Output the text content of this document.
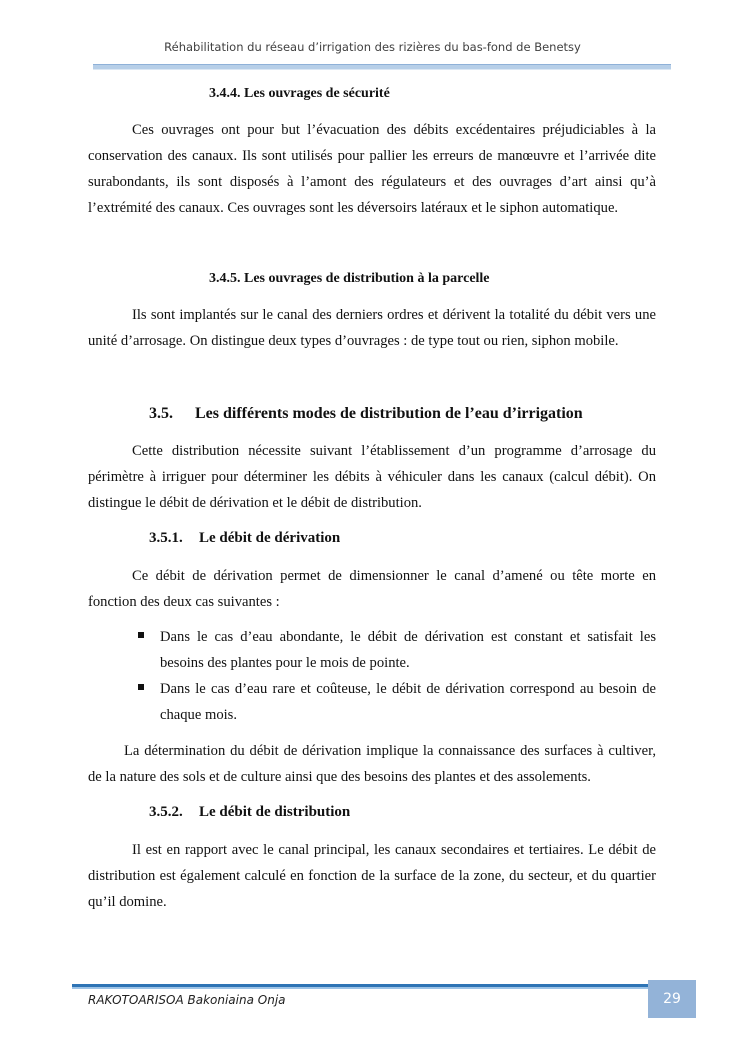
Réhabilitation du réseau d’irrigation des rizières du bas-fond de Benetsy
3.4.4. Les ouvrages de sécurité
Ces ouvrages ont pour but l’évacuation des débits excédentaires préjudiciables à la
conservation des canaux. Ils sont utilisés pour pallier les erreurs de manœuvre et l’arrivée dite
surabondants, ils sont disposés à l’amont des régulateurs et des ouvrages d’art ainsi qu’à
l’extrémité des canaux. Ces ouvrages sont les déversoirs latéraux et le siphon automatique.
3.4.5. Les ouvrages de distribution à la parcelle
Ils sont implantés sur le canal des derniers ordres et dérivent la totalité du débit vers une
unité d’arrosage. On distingue deux types d’ouvrages : de type tout ou rien, siphon mobile.
3.5. Les différents modes de distribution de l’eau d’irrigation
Cette distribution nécessite suivant l’établissement d’un programme d’arrosage du
périmètre à irriguer pour déterminer les débits à véhiculer dans les canaux (calcul débit). On
distingue le débit de dérivation et le débit de distribution.
3.5.1. Le débit de dérivation
Ce débit de dérivation permet de dimensionner le canal d’amené ou tête morte en
fonction des deux cas suivantes :
Dans le cas d’eau abondante, le débit de dérivation est constant et satisfait les
besoins des plantes pour le mois de pointe.
Dans le cas d’eau rare et coûteuse, le débit de dérivation correspond au besoin de
chaque mois.
La détermination du débit de dérivation implique la connaissance des surfaces à cultiver,
de la nature des sols et de culture ainsi que des besoins des plantes et des assolements.
3.5.2. Le débit de distribution
Il est en rapport avec le canal principal, les canaux secondaires et tertiaires. Le débit de
distribution est également calculé en fonction de la surface de la zone, du secteur, et du quartier
qu’il domine.
RAKOTOARISOA Bakoniaina Onja	29
